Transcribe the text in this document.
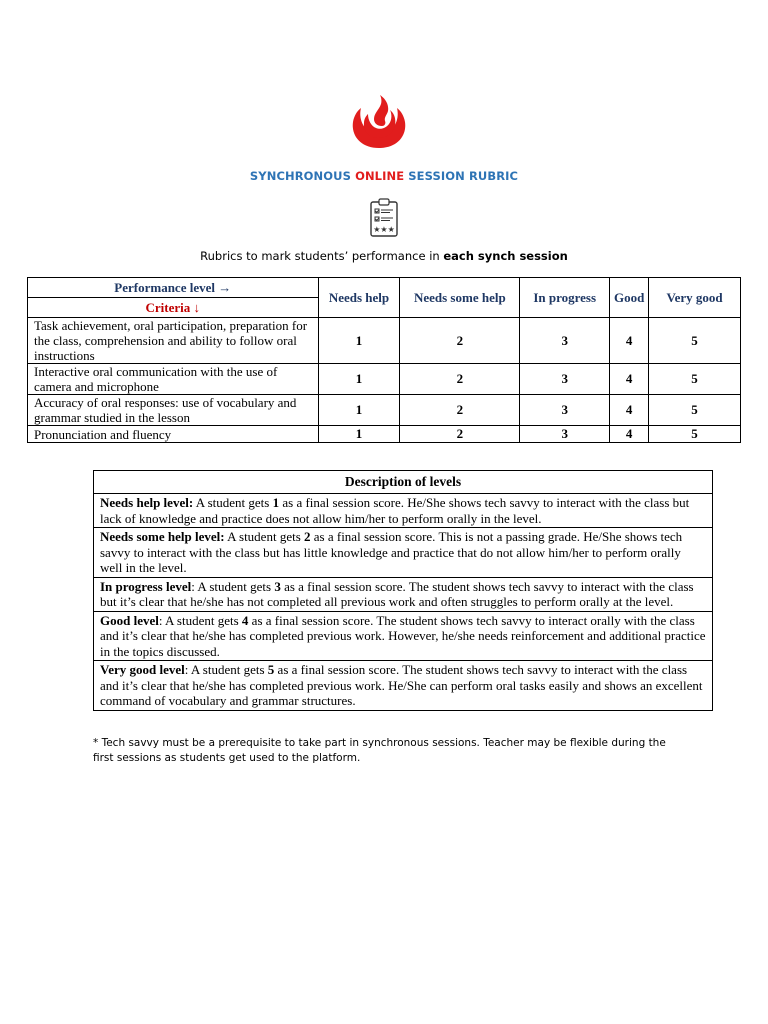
SYNCHRONOUS ONLINE SESSION RUBRIC
★★★
Rubrics to mark students’ performance in each synch session
Performance level →	Needs help	Needs some help	In progress	Good	Very good
Criteria ↓					
Task achievement, oral participation, preparation for the class, comprehension and ability to follow oral instructions	1	2	3	4	5
Interactive oral communication with the use of camera and microphone	1	2	3	4	5
Accuracy of oral responses: use of vocabulary and grammar studied in the lesson	1	2	3	4	5
Pronunciation and fluency	1	2	3	4	5
Description of levels
Needs help level: A student gets 1 as a final session score. He/She shows tech savvy to interact with the class but lack of knowledge and practice does not allow him/her to perform orally in the level.
Needs some help level: A student gets 2 as a final session score. This is not a passing grade. He/She shows tech savvy to interact with the class but has little knowledge and practice that do not allow him/her to perform orally well in the level.
In progress level: A student gets 3 as a final session score. The student shows tech savvy to interact with the class but it’s clear that he/she has not completed all previous work and often struggles to perform orally at the level.
Good level: A student gets 4 as a final session score. The student shows tech savvy to interact orally with the class and it’s clear that he/she has completed previous work. However, he/she needs reinforcement and additional practice in the topics discussed.
Very good level: A student gets 5 as a final session score. The student shows tech savvy to interact with the class and it’s clear that he/she has completed previous work. He/She can perform oral tasks easily and shows an excellent command of vocabulary and grammar structures.
* Tech savvy must be a prerequisite to take part in synchronous sessions. Teacher may be flexible during the first sessions as students get used to the platform.
